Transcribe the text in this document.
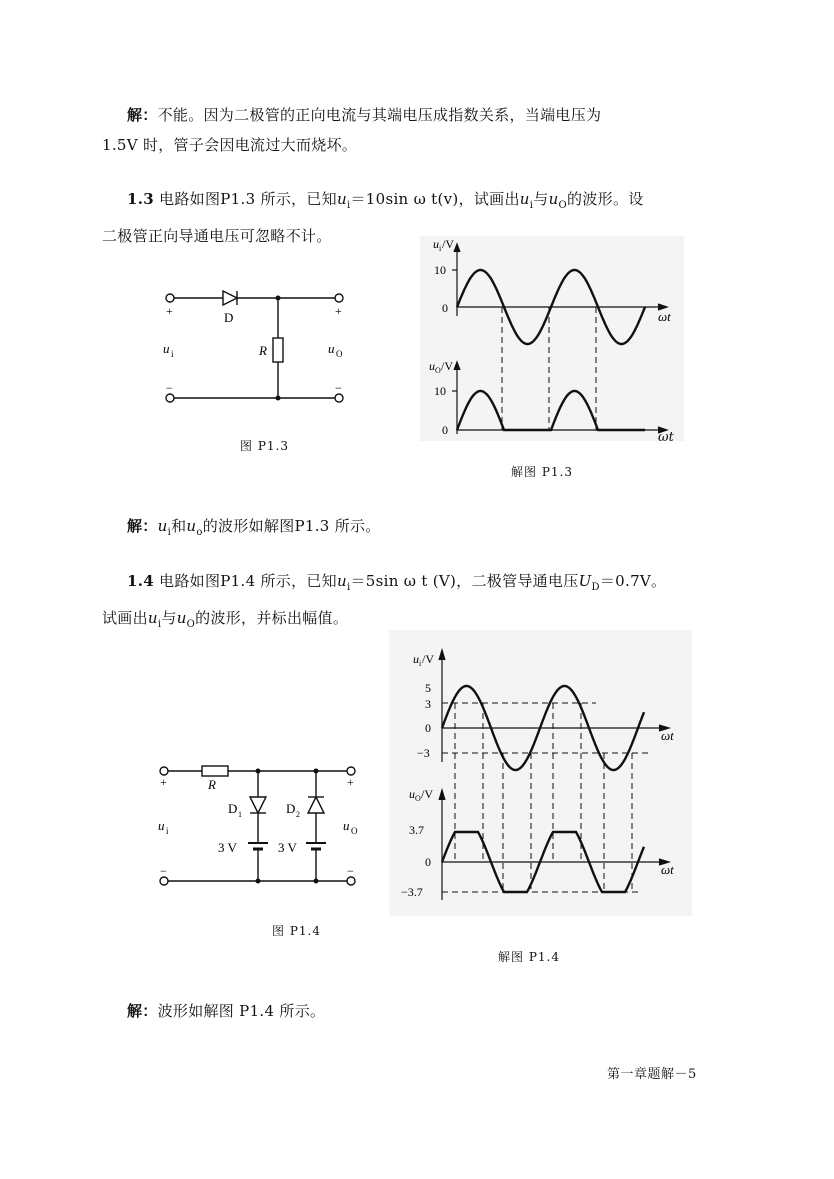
解：不能。因为二极管的正向电流与其端电压成指数关系，当端电压为
1.5V 时，管子会因电流过大而烧坏。
1.3 电路如图P1.3 所示，已知$u_i=10\sin$ ω t(v)，试画出$u_i$与$u_O$的波形。设
二极管正向导通电压可忽略不计。
+
−
+
−
D
R
u i	u O
图 P1.3
u i /V
10
0
ωt
u O /V
10
0	ωt
解图 P1.3
解：$u_i$和$u_o$的波形如解图P1.3 所示。
1.4 电路如图P1.4 所示，已知$u_i=5\sin$ ω t (V)，二极管导通电压$U_D=0.7V$。
试画出$u_i$与$u_O$的波形，并标出幅值。
+	+
−	−
R
D 1	D 2
3 V	3 V
u i	u O
图 P1.4
u i /V
5
3
0
−3
ωt
u O /V
3.7
0
−3.7
ωt
解图 P1.4
解：波形如解图 P1.4 所示。
第一章题解－5
